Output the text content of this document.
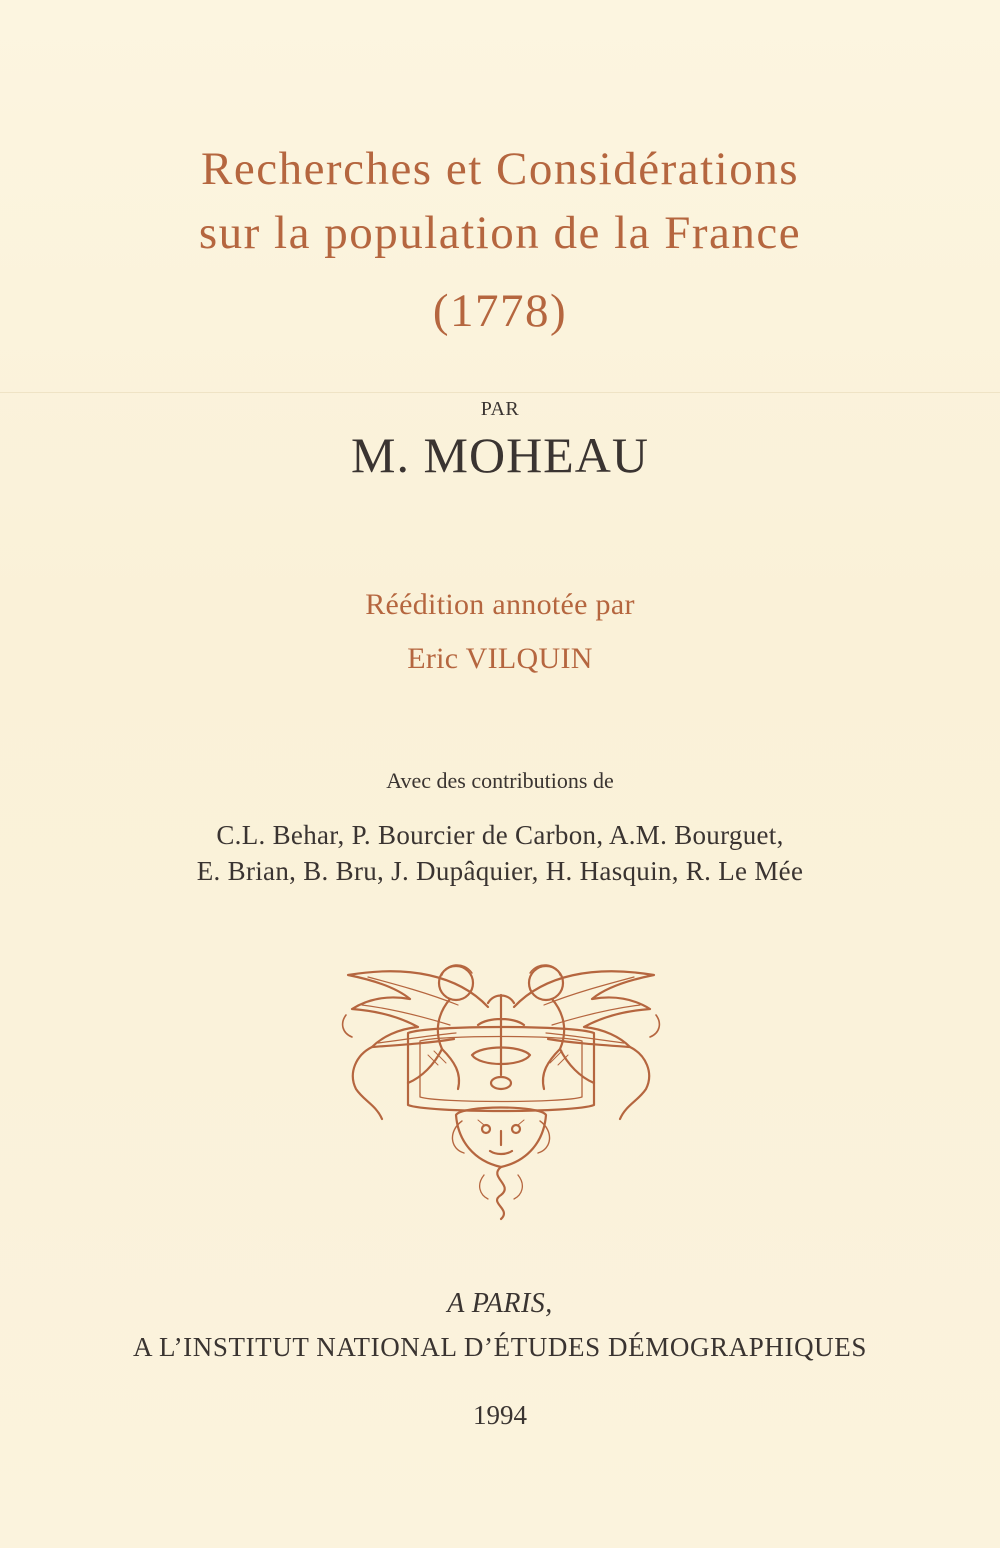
Recherches et Considérations

sur la population de la France

(1778)

PAR

M. MOHEAU

Réédition annotée par

Eric VILQUIN

Avec des contributions de

C.L. Behar, P. Bourcier de Carbon, A.M. Bourguet,

E. Brian, B. Bru, J. Dupâquier, H. Hasquin, R. Le Mée

A PARIS,

A L’INSTITUT NATIONAL D’ÉTUDES DÉMOGRAPHIQUES

1994
